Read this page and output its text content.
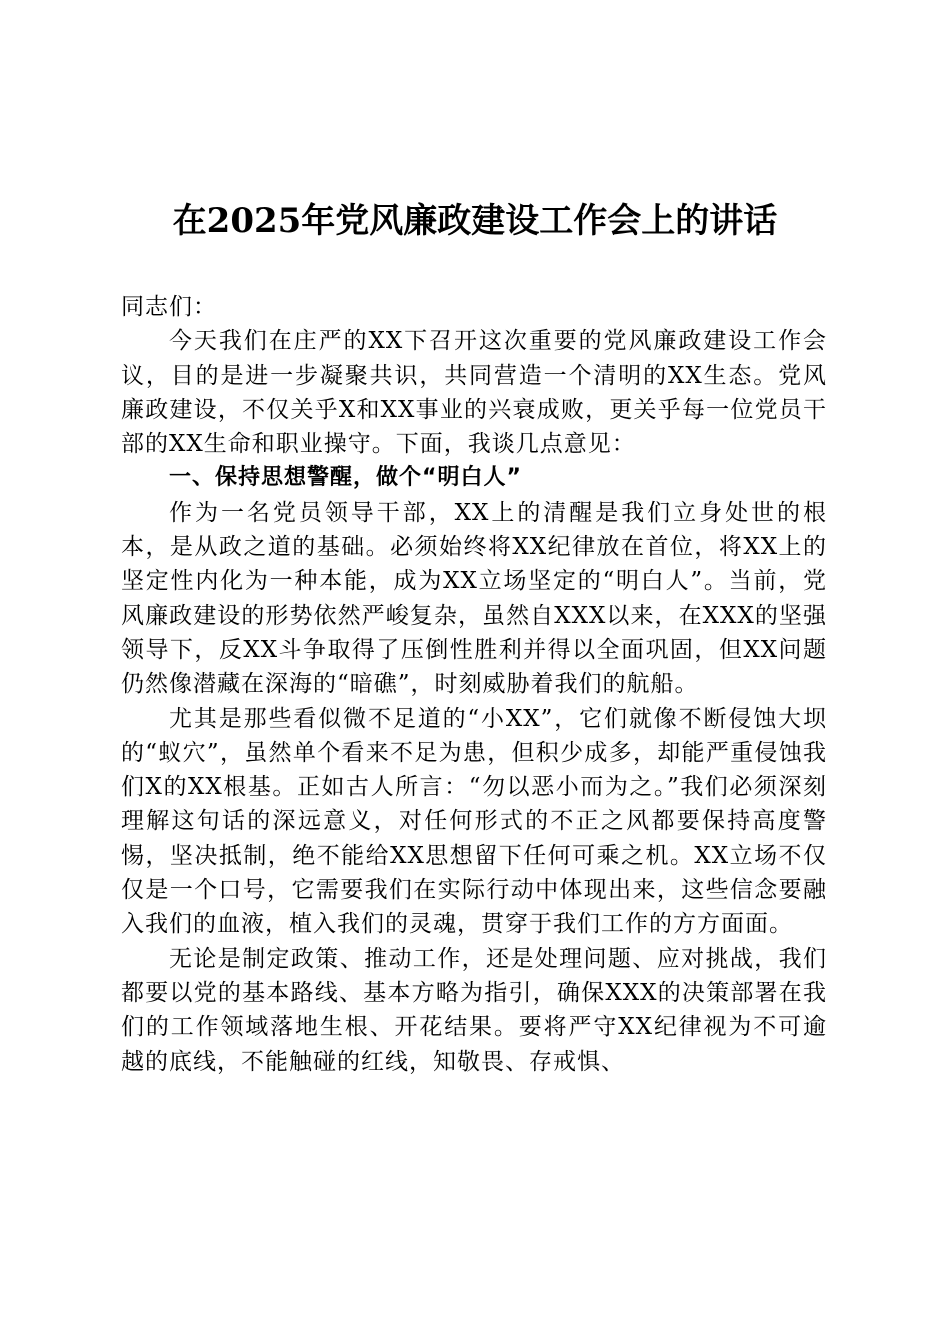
在2025年党风廉政建设工作会上的讲话

同志们：

今天我们在庄严的XX下召开这次重要的党风廉政建设工作会议，目的是进一步凝聚共识，共同营造一个清明的XX生态。党风廉政建设，不仅关乎X和XX事业的兴衰成败，更关乎每一位党员干部的XX生命和职业操守。下面，我谈几点意见：

一、保持思想警醒，做个“明白人”

作为一名党员领导干部，XX上的清醒是我们立身处世的根本，是从政之道的基础。必须始终将XX纪律放在首位，将XX上的坚定性内化为一种本能，成为XX立场坚定的“明白人”。当前，党风廉政建设的形势依然严峻复杂，虽然自XXX以来，在XXX的坚强领导下，反XX斗争取得了压倒性胜利并得以全面巩固，但XX问题仍然像潜藏在深海的“暗礁”，时刻威胁着我们的航船。

尤其是那些看似微不足道的“小XX”，它们就像不断侵蚀大坝的“蚁穴”，虽然单个看来不足为患，但积少成多，却能严重侵蚀我们X的XX根基。正如古人所言：“勿以恶小而为之。”我们必须深刻理解这句话的深远意义，对任何形式的不正之风都要保持高度警惕，坚决抵制，绝不能给XX思想留下任何可乘之机。XX立场不仅仅是一个口号，它需要我们在实际行动中体现出来，这些信念要融入我们的血液，植入我们的灵魂，贯穿于我们工作的方方面面。

无论是制定政策、推动工作，还是处理问题、应对挑战，我们都要以党的基本路线、基本方略为指引，确保XXX的决策部署在我们的工作领域落地生根、开花结果。要将严守XX纪律视为不可逾越的底线，不能触碰的红线，知敬畏、存戒惧、
